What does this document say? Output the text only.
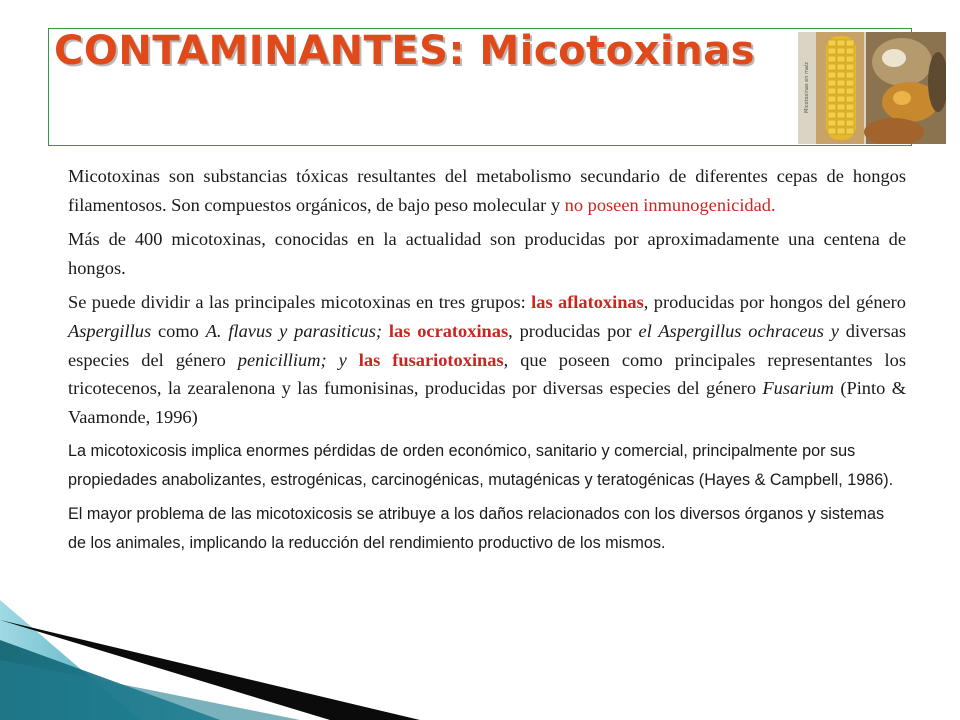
CONTAMINANTES: Micotoxinas
Micotoxinas en maíz

Micotoxinas son substancias tóxicas resultantes del metabolismo secundario de diferentes cepas de hongos filamentosos. Son compuestos orgánicos, de bajo peso molecular y no poseen inmunogenicidad.

Más de 400 micotoxinas, conocidas en la actualidad son producidas por aproximadamente una centena de hongos.

Se puede dividir a las principales micotoxinas en tres grupos: las aflatoxinas, producidas por hongos del género Aspergillus como A. flavus y parasiticus; las ocratoxinas, producidas por el Aspergillus ochraceus y diversas especies del género penicillium; y las fusariotoxinas, que poseen como principales representantes los tricotecenos, la zearalenona y las fumonisinas, producidas por diversas especies del género Fusarium (Pinto & Vaamonde, 1996)

La micotoxicosis implica enormes pérdidas de orden económico, sanitario y comercial, principalmente por sus propiedades anabolizantes, estrogénicas, carcinogénicas, mutagénicas y teratogénicas (Hayes & Campbell, 1986).

El mayor problema de las micotoxicosis se atribuye a los daños relacionados con los diversos órganos y sistemas de los animales, implicando la reducción del rendimiento productivo de los mismos.
